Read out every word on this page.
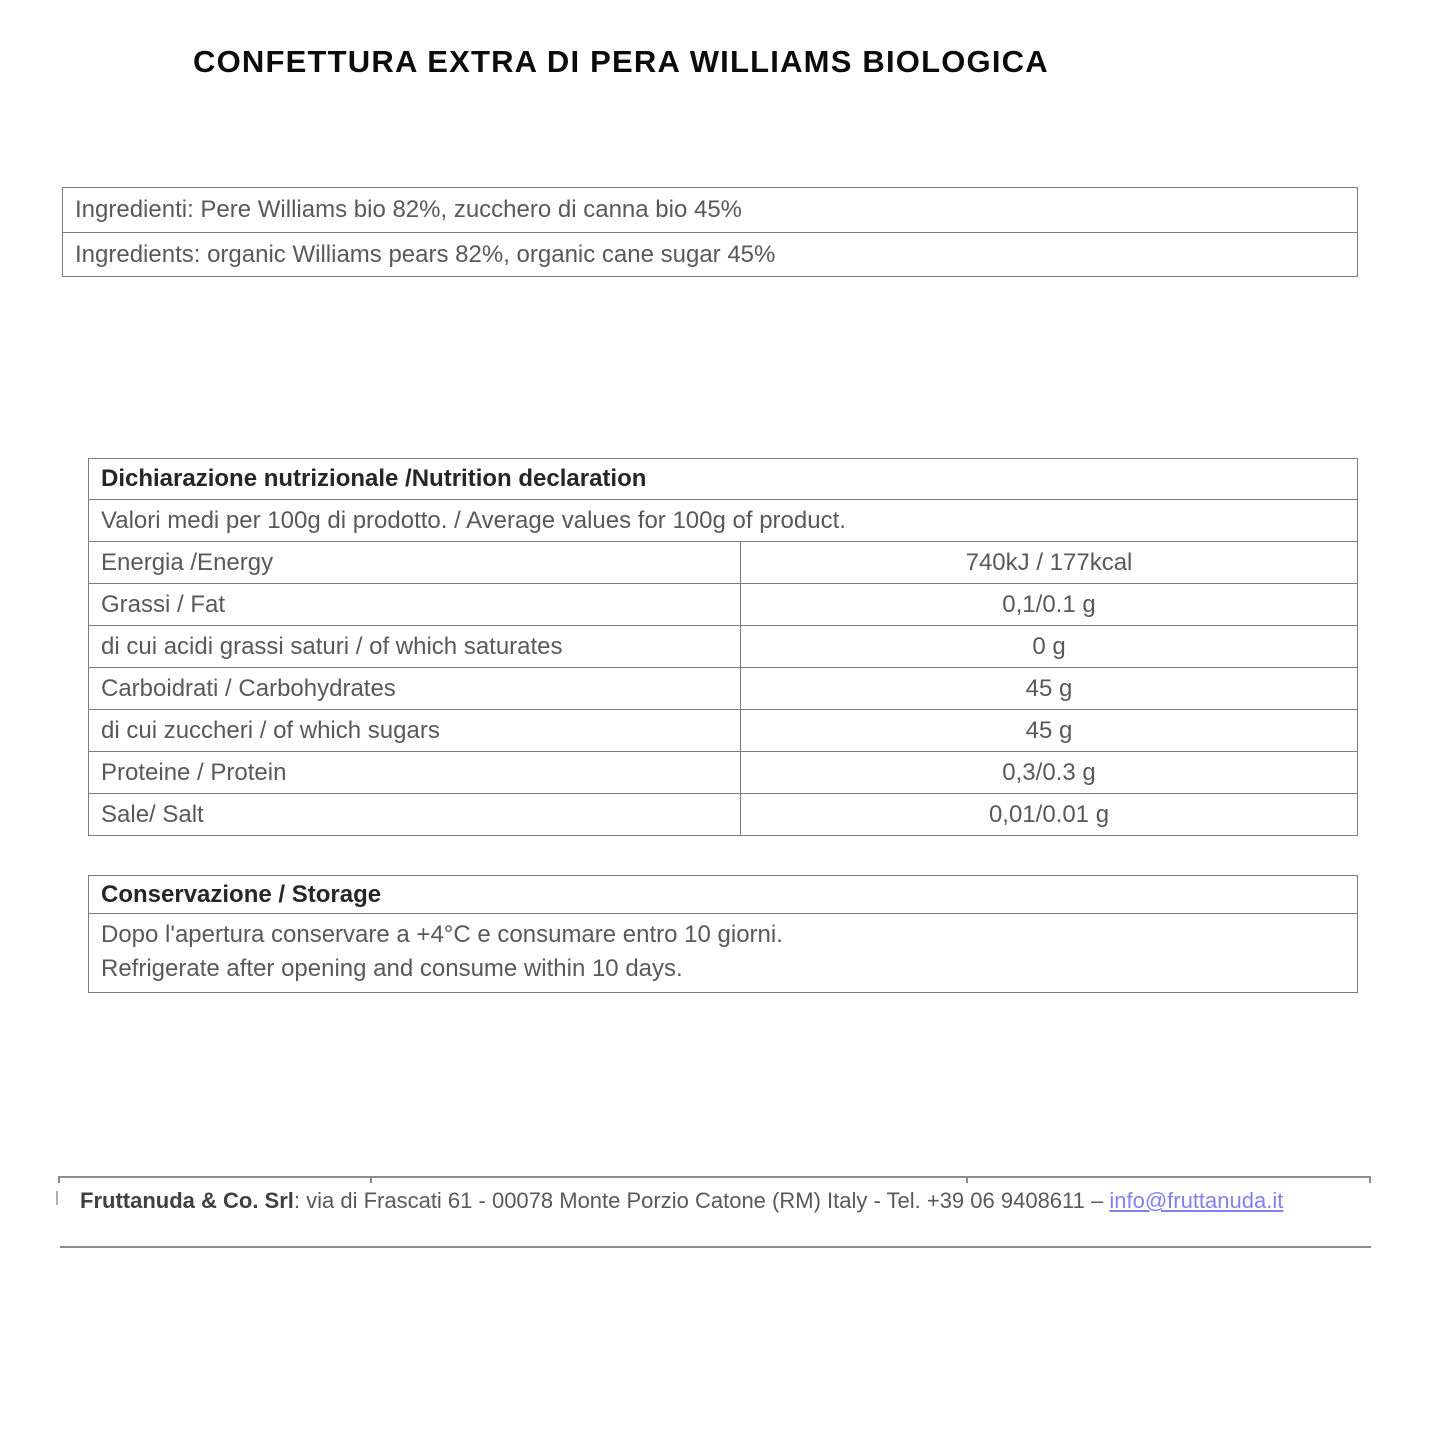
CONFETTURA EXTRA DI PERA WILLIAMS BIOLOGICA
Ingredienti: Pere Williams bio 82%, zucchero di canna bio 45%
Ingredients: organic Williams pears 82%, organic cane sugar 45%
Dichiarazione nutrizionale /Nutrition declaration
Valori medi per 100g di prodotto. / Average values for 100g of product.
Energia /Energy	740kJ / 177kcal
Grassi / Fat	0,1/0.1 g
di cui acidi grassi saturi / of which saturates	0 g
Carboidrati / Carbohydrates	45 g
di cui zuccheri / of which sugars	45 g
Proteine / Protein	0,3/0.3 g
Sale/ Salt	0,01/0.01 g
Conservazione / Storage
Dopo l'apertura conservare a +4°C e consumare entro 10 giorni.
Refrigerate after opening and consume within 10 days.
Fruttanuda & Co. Srl: via di Frascati 61 - 00078 Monte Porzio Catone (RM) Italy - Tel. +39 06 9408611 – info@fruttanuda.it
